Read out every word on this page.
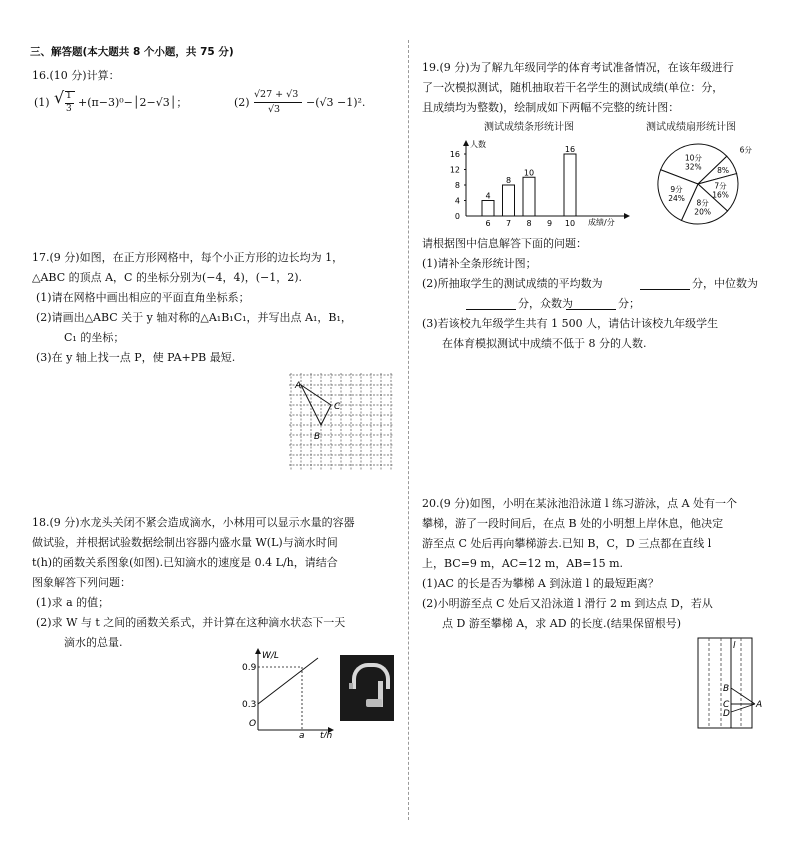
三、解答题(本大题共 8 个小题，共 75 分)
16.(10 分)计算：
(1) √ 1
3 +(π−3)⁰−│2−√3│；	(2)
√27 + √3
√3
−(√3 −1)².
17.(9 分)如图，在正方形网格中，每个小正方形的边长均为 1，
△ABC 的顶点 A，C 的坐标分别为(−4，4)，(−1，2).
(1)请在网格中画出相应的平面直角坐标系；
(2)请画出△ABC 关于 y 轴对称的△A₁B₁C₁，并写出点 A₁，B₁，
C₁ 的坐标；
(3)在 y 轴上找一点 P，使 PA+PB 最短.
A
C
B
18.(9 分)水龙头关闭不紧会造成滴水，小林用可以显示水量的容器
做试验，并根据试验数据绘制出容器内盛水量 W(L)与滴水时间
t(h)的函数关系图象(如图).已知滴水的速度是 0.4 L/h，请结合
图象解答下列问题：
(1)求 a 的值；
(2)求 W 与 t 之间的函数关系式，并计算在这种滴水状态下一天
滴水的总量.
W/L
0.9
0.3
O
a t/h
19.(9 分)为了解九年级同学的体育考试准备情况，在该年级进行
了一次模拟测试，随机抽取若干名学生的测试成绩(单位：分，
且成绩均为整数)，绘制成如下两幅不完整的统计图：
测试成绩条形统计图	测试成绩扇形统计图
人数
成绩/分
0
4
8
12
16
6
4
7
8
8
10
9 10
16
10分
32%
6分
8%
7分
16%
8分
20%
9分
24%
请根据图中信息解答下面的问题：
(1)请补全条形统计图；
(2)所抽取学生的测试成绩的平均数为	分，中位数为
分，众数为	分；
(3)若该校九年级学生共有 1 500 人，请估计该校九年级学生
在体育模拟测试中成绩不低于 8 分的人数.
20.(9 分)如图，小明在某泳池沿泳道 l 练习游泳，点 A 处有一个
攀梯，游了一段时间后，在点 B 处的小明想上岸休息，他决定
游至点 C 处后再向攀梯游去.已知 B，C，D 三点都在直线 l
上，BC=9 m，AC=12 m，AB=15 m.
(1)AC 的长是否为攀梯 A 到泳道 l 的最短距离？
(2)小明游至点 C 处后又沿泳道 l 滑行 2 m 到达点 D，若从
点 D 游至攀梯 A，求 AD 的长度.(结果保留根号)
l
A
B
C
D
